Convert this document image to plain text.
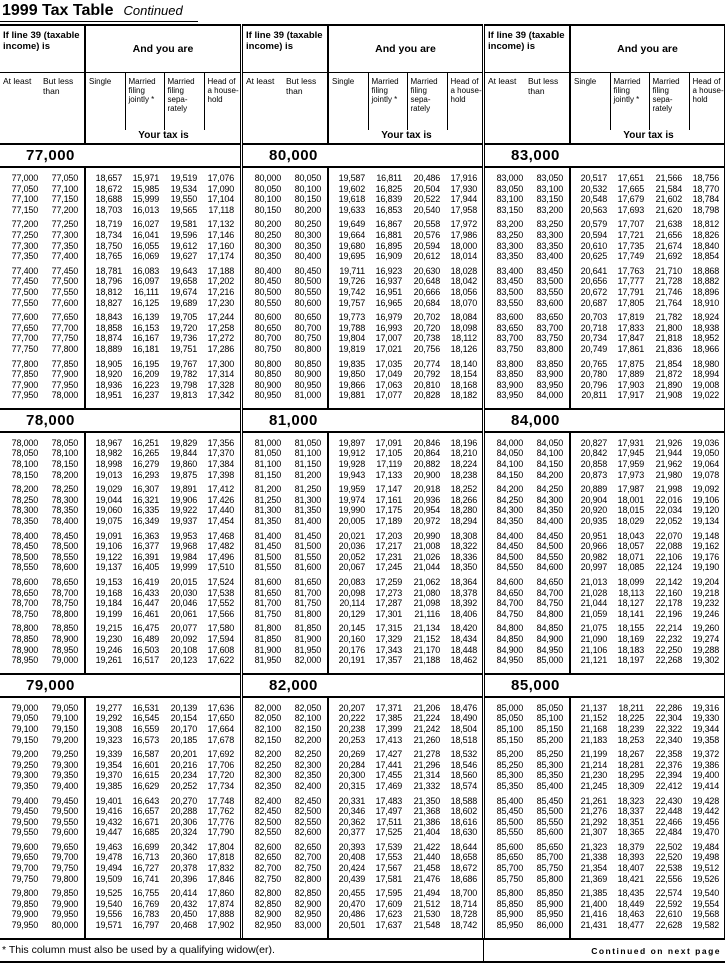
1999 Tax Table Continued
If line 39 (taxable income) is	And you are
At least	But less than
Single	Married filing jointly *
Married filing sepa- rately
Head of a house- hold
Your tax is
77,000
77,000	77,050	18,657	15,971	19,519	17,076
77,050	77,100	18,672	15,985	19,534	17,090
77,100	77,150	18,688	15,999	19,550	17,104
77,150	77,200	18,703	16,013	19,565	17,118
77,200	77,250	18,719	16,027	19,581	17,132
77,250	77,300	18,734	16,041	19,596	17,146
77,300	77,350	18,750	16,055	19,612	17,160
77,350	77,400	18,765	16,069	19,627	17,174
77,400	77,450	18,781	16,083	19,643	17,188
77,450	77,500	18,796	16,097	19,658	17,202
77,500	77,550	18,812	16,111	19,674	17,216
77,550	77,600	18,827	16,125	19,689	17,230
77,600	77,650	18,843	16,139	19,705	17,244
77,650	77,700	18,858	16,153	19,720	17,258
77,700	77,750	18,874	16,167	19,736	17,272
77,750	77,800	18,889	16,181	19,751	17,286
77,800	77,850	18,905	16,195	19,767	17,300
77,850	77,900	18,920	16,209	19,782	17,314
77,900	77,950	18,936	16,223	19,798	17,328
77,950	78,000	18,951	16,237	19,813	17,342
78,000
78,000	78,050	18,967	16,251	19,829	17,356
78,050	78,100	18,982	16,265	19,844	17,370
78,100	78,150	18,998	16,279	19,860	17,384
78,150	78,200	19,013	16,293	19,875	17,398
78,200	78,250	19,029	16,307	19,891	17,412
78,250	78,300	19,044	16,321	19,906	17,426
78,300	78,350	19,060	16,335	19,922	17,440
78,350	78,400	19,075	16,349	19,937	17,454
78,400	78,450	19,091	16,363	19,953	17,468
78,450	78,500	19,106	16,377	19,968	17,482
78,500	78,550	19,122	16,391	19,984	17,496
78,550	78,600	19,137	16,405	19,999	17,510
78,600	78,650	19,153	16,419	20,015	17,524
78,650	78,700	19,168	16,433	20,030	17,538
78,700	78,750	19,184	16,447	20,046	17,552
78,750	78,800	19,199	16,461	20,061	17,566
78,800	78,850	19,215	16,475	20,077	17,580
78,850	78,900	19,230	16,489	20,092	17,594
78,900	78,950	19,246	16,503	20,108	17,608
78,950	79,000	19,261	16,517	20,123	17,622
79,000
79,000	79,050	19,277	16,531	20,139	17,636
79,050	79,100	19,292	16,545	20,154	17,650
79,100	79,150	19,308	16,559	20,170	17,664
79,150	79,200	19,323	16,573	20,185	17,678
79,200	79,250	19,339	16,587	20,201	17,692
79,250	79,300	19,354	16,601	20,216	17,706
79,300	79,350	19,370	16,615	20,234	17,720
79,350	79,400	19,385	16,629	20,252	17,734
79,400	79,450	19,401	16,643	20,270	17,748
79,450	79,500	19,416	16,657	20,288	17,762
79,500	79,550	19,432	16,671	20,306	17,776
79,550	79,600	19,447	16,685	20,324	17,790
79,600	79,650	19,463	16,699	20,342	17,804
79,650	79,700	19,478	16,713	20,360	17,818
79,700	79,750	19,494	16,727	20,378	17,832
79,750	79,800	19,509	16,741	20,396	17,846
79,800	79,850	19,525	16,755	20,414	17,860
79,850	79,900	19,540	16,769	20,432	17,874
79,900	79,950	19,556	16,783	20,450	17,888
79,950	80,000	19,571	16,797	20,468	17,902
If line 39 (taxable income) is	And you are
At least	But less than
Single	Married filing jointly *
Married filing sepa- rately
Head of a house- hold
Your tax is
80,000
80,000	80,050	19,587	16,811	20,486	17,916
80,050	80,100	19,602	16,825	20,504	17,930
80,100	80,150	19,618	16,839	20,522	17,944
80,150	80,200	19,633	16,853	20,540	17,958
80,200	80,250	19,649	16,867	20,558	17,972
80,250	80,300	19,664	16,881	20,576	17,986
80,300	80,350	19,680	16,895	20,594	18,000
80,350	80,400	19,695	16,909	20,612	18,014
80,400	80,450	19,711	16,923	20,630	18,028
80,450	80,500	19,726	16,937	20,648	18,042
80,500	80,550	19,742	16,951	20,666	18,056
80,550	80,600	19,757	16,965	20,684	18,070
80,600	80,650	19,773	16,979	20,702	18,084
80,650	80,700	19,788	16,993	20,720	18,098
80,700	80,750	19,804	17,007	20,738	18,112
80,750	80,800	19,819	17,021	20,756	18,126
80,800	80,850	19,835	17,035	20,774	18,140
80,850	80,900	19,850	17,049	20,792	18,154
80,900	80,950	19,866	17,063	20,810	18,168
80,950	81,000	19,881	17,077	20,828	18,182
81,000
81,000	81,050	19,897	17,091	20,846	18,196
81,050	81,100	19,912	17,105	20,864	18,210
81,100	81,150	19,928	17,119	20,882	18,224
81,150	81,200	19,943	17,133	20,900	18,238
81,200	81,250	19,959	17,147	20,918	18,252
81,250	81,300	19,974	17,161	20,936	18,266
81,300	81,350	19,990	17,175	20,954	18,280
81,350	81,400	20,005	17,189	20,972	18,294
81,400	81,450	20,021	17,203	20,990	18,308
81,450	81,500	20,036	17,217	21,008	18,322
81,500	81,550	20,052	17,231	21,026	18,336
81,550	81,600	20,067	17,245	21,044	18,350
81,600	81,650	20,083	17,259	21,062	18,364
81,650	81,700	20,098	17,273	21,080	18,378
81,700	81,750	20,114	17,287	21,098	18,392
81,750	81,800	20,129	17,301	21,116	18,406
81,800	81,850	20,145	17,315	21,134	18,420
81,850	81,900	20,160	17,329	21,152	18,434
81,900	81,950	20,176	17,343	21,170	18,448
81,950	82,000	20,191	17,357	21,188	18,462
82,000
82,000	82,050	20,207	17,371	21,206	18,476
82,050	82,100	20,222	17,385	21,224	18,490
82,100	82,150	20,238	17,399	21,242	18,504
82,150	82,200	20,253	17,413	21,260	18,518
82,200	82,250	20,269	17,427	21,278	18,532
82,250	82,300	20,284	17,441	21,296	18,546
82,300	82,350	20,300	17,455	21,314	18,560
82,350	82,400	20,315	17,469	21,332	18,574
82,400	82,450	20,331	17,483	21,350	18,588
82,450	82,500	20,346	17,497	21,368	18,602
82,500	82,550	20,362	17,511	21,386	18,616
82,550	82,600	20,377	17,525	21,404	18,630
82,600	82,650	20,393	17,539	21,422	18,644
82,650	82,700	20,408	17,553	21,440	18,658
82,700	82,750	20,424	17,567	21,458	18,672
82,750	82,800	20,439	17,581	21,476	18,686
82,800	82,850	20,455	17,595	21,494	18,700
82,850	82,900	20,470	17,609	21,512	18,714
82,900	82,950	20,486	17,623	21,530	18,728
82,950	83,000	20,501	17,637	21,548	18,742
If line 39 (taxable income) is	And you are
At least	But less than
Single	Married filing jointly *
Married filing sepa- rately
Head of a house- hold
Your tax is
83,000
83,000	83,050	20,517	17,651	21,566	18,756
83,050	83,100	20,532	17,665	21,584	18,770
83,100	83,150	20,548	17,679	21,602	18,784
83,150	83,200	20,563	17,693	21,620	18,798
83,200	83,250	20,579	17,707	21,638	18,812
83,250	83,300	20,594	17,721	21,656	18,826
83,300	83,350	20,610	17,735	21,674	18,840
83,350	83,400	20,625	17,749	21,692	18,854
83,400	83,450	20,641	17,763	21,710	18,868
83,450	83,500	20,656	17,777	21,728	18,882
83,500	83,550	20,672	17,791	21,746	18,896
83,550	83,600	20,687	17,805	21,764	18,910
83,600	83,650	20,703	17,819	21,782	18,924
83,650	83,700	20,718	17,833	21,800	18,938
83,700	83,750	20,734	17,847	21,818	18,952
83,750	83,800	20,749	17,861	21,836	18,966
83,800	83,850	20,765	17,875	21,854	18,980
83,850	83,900	20,780	17,889	21,872	18,994
83,900	83,950	20,796	17,903	21,890	19,008
83,950	84,000	20,811	17,917	21,908	19,022
84,000
84,000	84,050	20,827	17,931	21,926	19,036
84,050	84,100	20,842	17,945	21,944	19,050
84,100	84,150	20,858	17,959	21,962	19,064
84,150	84,200	20,873	17,973	21,980	19,078
84,200	84,250	20,889	17,987	21,998	19,092
84,250	84,300	20,904	18,001	22,016	19,106
84,300	84,350	20,920	18,015	22,034	19,120
84,350	84,400	20,935	18,029	22,052	19,134
84,400	84,450	20,951	18,043	22,070	19,148
84,450	84,500	20,966	18,057	22,088	19,162
84,500	84,550	20,982	18,071	22,106	19,176
84,550	84,600	20,997	18,085	22,124	19,190
84,600	84,650	21,013	18,099	22,142	19,204
84,650	84,700	21,028	18,113	22,160	19,218
84,700	84,750	21,044	18,127	22,178	19,232
84,750	84,800	21,059	18,141	22,196	19,246
84,800	84,850	21,075	18,155	22,214	19,260
84,850	84,900	21,090	18,169	22,232	19,274
84,900	84,950	21,106	18,183	22,250	19,288
84,950	85,000	21,121	18,197	22,268	19,302
85,000
85,000	85,050	21,137	18,211	22,286	19,316
85,050	85,100	21,152	18,225	22,304	19,330
85,100	85,150	21,168	18,239	22,322	19,344
85,150	85,200	21,183	18,253	22,340	19,358
85,200	85,250	21,199	18,267	22,358	19,372
85,250	85,300	21,214	18,281	22,376	19,386
85,300	85,350	21,230	18,295	22,394	19,400
85,350	85,400	21,245	18,309	22,412	19,414
85,400	85,450	21,261	18,323	22,430	19,428
85,450	85,500	21,276	18,337	22,448	19,442
85,500	85,550	21,292	18,351	22,466	19,456
85,550	85,600	21,307	18,365	22,484	19,470
85,600	85,650	21,323	18,379	22,502	19,484
85,650	85,700	21,338	18,393	22,520	19,498
85,700	85,750	21,354	18,407	22,538	19,512
85,750	85,800	21,369	18,421	22,556	19,526
85,800	85,850	21,385	18,435	22,574	19,540
85,850	85,900	21,400	18,449	22,592	19,554
85,900	85,950	21,416	18,463	22,610	19,568
85,950	86,000	21,431	18,477	22,628	19,582
* This column must also be used by a qualifying widow(er).	Continued on next page
